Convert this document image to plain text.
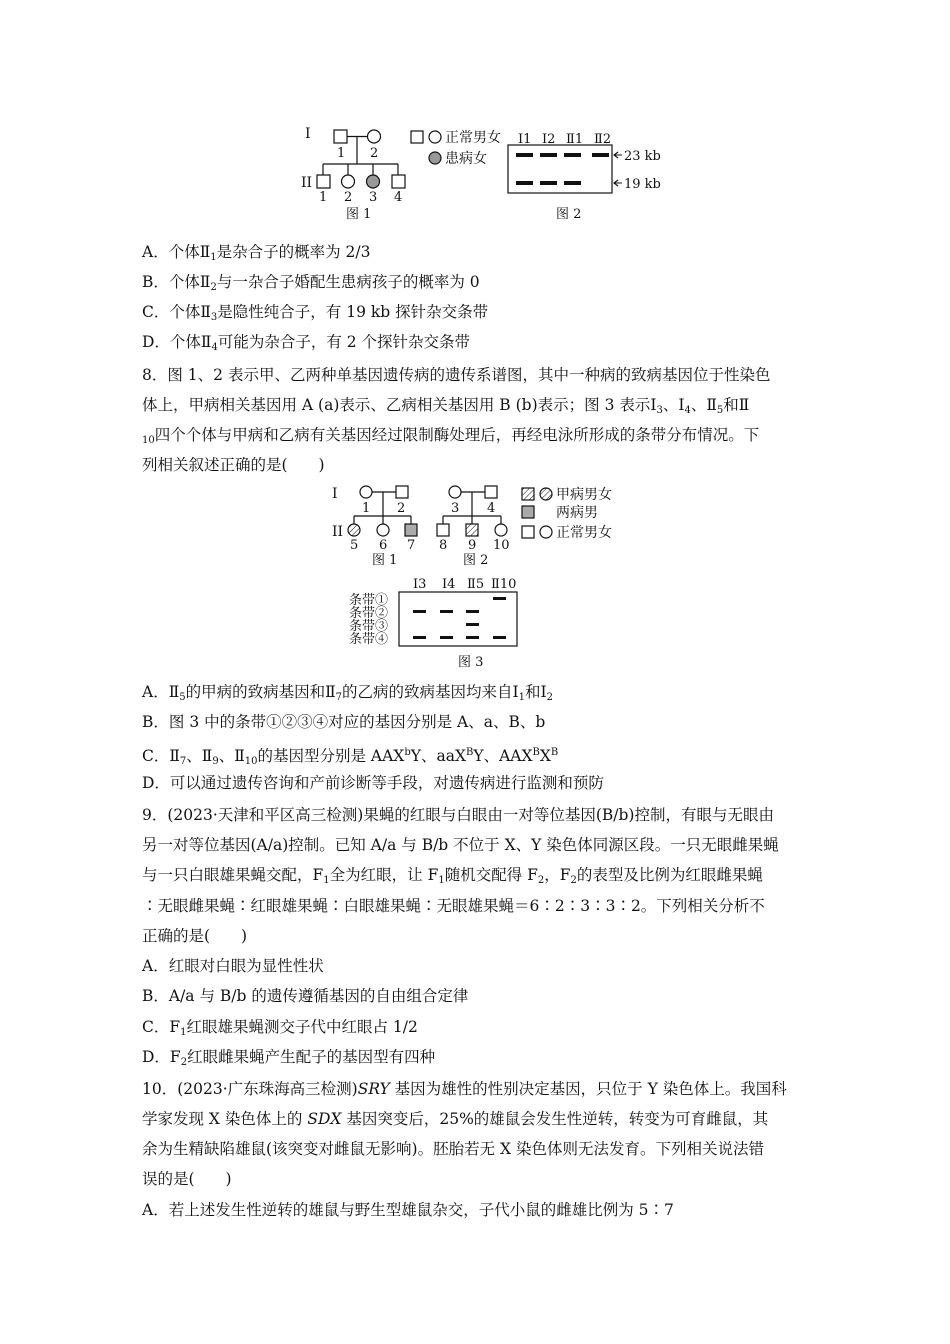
I
II
1 2
1 2 3 4
图 1
正常男女
患病女
Ⅰ1 Ⅰ2 Ⅱ1 Ⅱ2
23 kb
19 kb
图 2
A．个体$Ⅱ_1$是杂合子的概率为 2/3
B．个体$Ⅱ_2$与一杂合子婚配生患病孩子的概率为 0
C．个体$Ⅱ_3$是隐性纯合子，有 19 kb 探针杂交条带
D．个体$Ⅱ_4$可能为杂合子，有 2 个探针杂交条带
8．图 1、2 表示甲、乙两种单基因遗传病的遗传系谱图，其中一种病的致病基因位于性染色
体上，甲病相关基因用 A (a)表示、乙病相关基因用 B (b)表示；图 3 表示$Ⅰ_3$、$Ⅰ_4$、$Ⅱ_5$和Ⅱ
$_{10}$四个个体与甲病和乙病有关基因经过限制酶处理后，再经电泳所形成的条带分布情况。下
列相关叙述正确的是(　　)
I
II
1 2	3 4
5 6 7 8 9 10
图 1	图 2
甲病男女
两病男
正常男女
Ⅰ3 Ⅰ4 Ⅱ5 Ⅱ10
条带①
条带②
条带③
条带④
图 3
A．$Ⅱ_5$的甲病的致病基因和$Ⅱ_7$的乙病的致病基因均来自$Ⅰ_1$和$Ⅰ_2$
B．图 3 中的条带①②③④对应的基因分别是 A、a、B、b
C．$Ⅱ_7$、$Ⅱ_9$、$Ⅱ_{10}$的基因型分别是 AAX$^b$Y、aaX$^B$Y、$AAX^BX^B$
D．可以通过遗传咨询和产前诊断等手段，对遗传病进行监测和预防
9．(2023·天津和平区高三检测)果蝇的红眼与白眼由一对等位基因(B/b)控制，有眼与无眼由
另一对等位基因(A/a)控制。已知 A/a 与 B/b 不位于 X、Y 染色体同源区段。一只无眼雌果蝇
与一只白眼雄果蝇交配，$F_1$全为红眼，让 $F_1$随机交配得 $F_2$，$F_2$的表型及比例为红眼雌果蝇
∶无眼雌果蝇∶红眼雄果蝇∶白眼雄果蝇∶无眼雄果蝇＝6∶2∶3∶3∶2。下列相关分析不
正确的是(　　)
A．红眼对白眼为显性性状
B．A/a 与 B/b 的遗传遵循基因的自由组合定律
C．$F_1$红眼雄果蝇测交子代中红眼占 1/2
D．$F_2$红眼雌果蝇产生配子的基因型有四种
10．(2023·广东珠海高三检测)SRY 基因为雄性的性别决定基因，只位于 Y 染色体上。我国科
学家发现 X 染色体上的 SDX 基因突变后，25%的雄鼠会发生性逆转，转变为可育雌鼠，其
余为生精缺陷雄鼠(该突变对雌鼠无影响)。胚胎若无 X 染色体则无法发育。下列相关说法错
误的是(　　)
A．若上述发生性逆转的雄鼠与野生型雄鼠杂交，子代小鼠的雌雄比例为 5∶7
